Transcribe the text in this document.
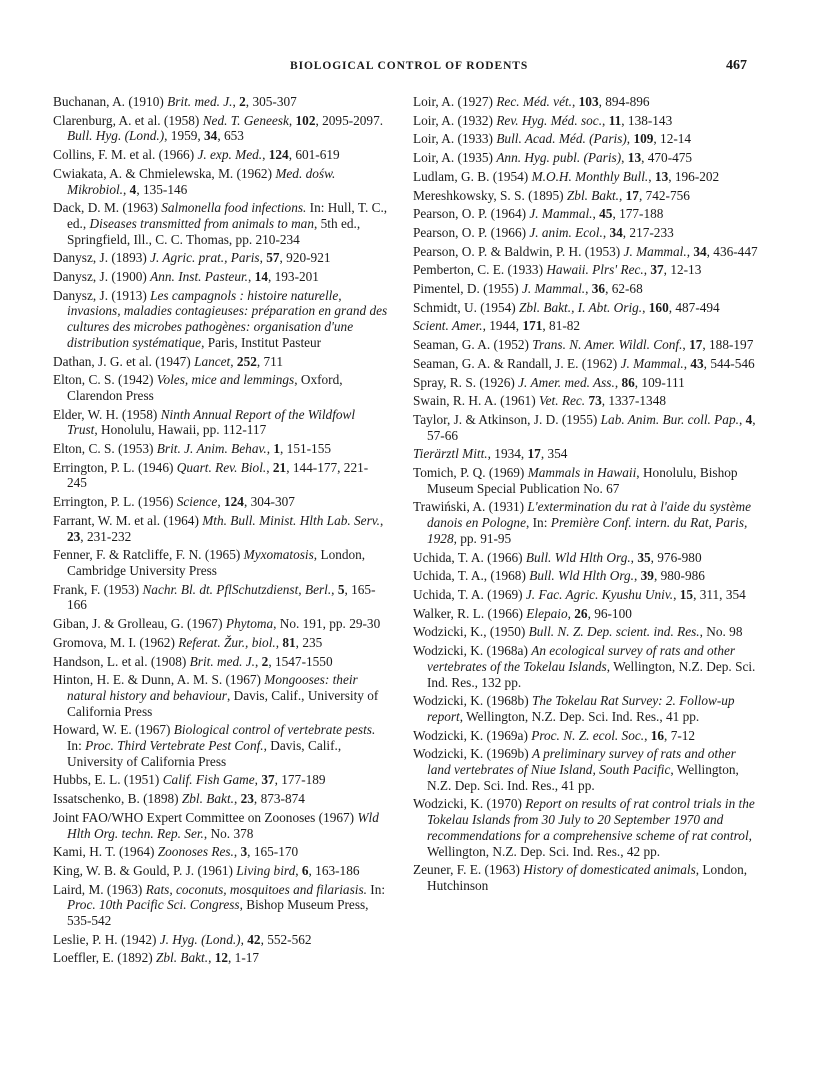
BIOLOGICAL CONTROL OF RODENTS	467

Buchanan, A. (1910) Brit. med. J., 2, 305-307

Clarenburg, A. et al. (1958) Ned. T. Geneesk, 102, 2095-2097. Bull. Hyg. (Lond.), 1959, 34, 653

Collins, F. M. et al. (1966) J. exp. Med., 124, 601-619

Cwiakata, A. & Chmielewska, M. (1962) Med. dośw. Mikrobiol., 4, 135-146

Dack, D. M. (1963) Salmonella food infections. In: Hull, T. C., ed., Diseases transmitted from animals to man, 5th ed., Springfield, Ill., C. C. Thomas, pp. 210-234

Danysz, J. (1893) J. Agric. prat., Paris, 57, 920-921

Danysz, J. (1900) Ann. Inst. Pasteur., 14, 193-201

Danysz, J. (1913) Les campagnols : histoire naturelle, invasions, maladies contagieuses: préparation en grand des cultures des microbes pathogènes: organisation d'une distribution systématique, Paris, Institut Pasteur

Dathan, J. G. et al. (1947) Lancet, 252, 711

Elton, C. S. (1942) Voles, mice and lemmings, Oxford, Clarendon Press

Elder, W. H. (1958) Ninth Annual Report of the Wildfowl Trust, Honolulu, Hawaii, pp. 112-117

Elton, C. S. (1953) Brit. J. Anim. Behav., 1, 151-155

Errington, P. L. (1946) Quart. Rev. Biol., 21, 144-177, 221-245

Errington, P. L. (1956) Science, 124, 304-307

Farrant, W. M. et al. (1964) Mth. Bull. Minist. Hlth Lab. Serv., 23, 231-232

Fenner, F. & Ratcliffe, F. N. (1965) Myxomatosis, London, Cambridge University Press

Frank, F. (1953) Nachr. Bl. dt. PflSchutzdienst, Berl., 5, 165-166

Giban, J. & Grolleau, G. (1967) Phytoma, No. 191, pp. 29-30

Gromova, M. I. (1962) Referat. Žur., biol., 81, 235

Handson, L. et al. (1908) Brit. med. J., 2, 1547-1550

Hinton, H. E. & Dunn, A. M. S. (1967) Mongooses: their natural history and behaviour, Davis, Calif., University of California Press

Howard, W. E. (1967) Biological control of vertebrate pests. In: Proc. Third Vertebrate Pest Conf., Davis, Calif., University of California Press

Hubbs, E. L. (1951) Calif. Fish Game, 37, 177-189

Issatschenko, B. (1898) Zbl. Bakt., 23, 873-874

Joint FAO/WHO Expert Committee on Zoonoses (1967) Wld Hlth Org. techn. Rep. Ser., No. 378

Kami, H. T. (1964) Zoonoses Res., 3, 165-170

King, W. B. & Gould, P. J. (1961) Living bird, 6, 163-186

Laird, M. (1963) Rats, coconuts, mosquitoes and filariasis. In: Proc. 10th Pacific Sci. Congress, Bishop Museum Press, 535-542

Leslie, P. H. (1942) J. Hyg. (Lond.), 42, 552-562

Loeffler, E. (1892) Zbl. Bakt., 12, 1-17

Loir, A. (1927) Rec. Méd. vét., 103, 894-896

Loir, A. (1932) Rev. Hyg. Méd. soc., 11, 138-143

Loir, A. (1933) Bull. Acad. Méd. (Paris), 109, 12-14

Loir, A. (1935) Ann. Hyg. publ. (Paris), 13, 470-475

Ludlam, G. B. (1954) M.O.H. Monthly Bull., 13, 196-202

Mereshkowsky, S. S. (1895) Zbl. Bakt., 17, 742-756

Pearson, O. P. (1964) J. Mammal., 45, 177-188

Pearson, O. P. (1966) J. anim. Ecol., 34, 217-233

Pearson, O. P. & Baldwin, P. H. (1953) J. Mammal., 34, 436-447

Pemberton, C. E. (1933) Hawaii. Plrs' Rec., 37, 12-13

Pimentel, D. (1955) J. Mammal., 36, 62-68

Schmidt, U. (1954) Zbl. Bakt., I. Abt. Orig., 160, 487-494

Scient. Amer., 1944, 171, 81-82

Seaman, G. A. (1952) Trans. N. Amer. Wildl. Conf., 17, 188-197

Seaman, G. A. & Randall, J. E. (1962) J. Mammal., 43, 544-546

Spray, R. S. (1926) J. Amer. med. Ass., 86, 109-111

Swain, R. H. A. (1961) Vet. Rec. 73, 1337-1348

Taylor, J. & Atkinson, J. D. (1955) Lab. Anim. Bur. coll. Pap., 4, 57-66

Tierärztl Mitt., 1934, 17, 354

Tomich, P. Q. (1969) Mammals in Hawaii, Honolulu, Bishop Museum Special Publication No. 67

Trawiński, A. (1931) L'extermination du rat à l'aide du système danois en Pologne, In: Première Conf. intern. du Rat, Paris, 1928, pp. 91-95

Uchida, T. A. (1966) Bull. Wld Hlth Org., 35, 976-980

Uchida, T. A., (1968) Bull. Wld Hlth Org., 39, 980-986

Uchida, T. A. (1969) J. Fac. Agric. Kyushu Univ., 15, 311, 354

Walker, R. L. (1966) Elepaio, 26, 96-100

Wodzicki, K., (1950) Bull. N. Z. Dep. scient. ind. Res., No. 98

Wodzicki, K. (1968a) An ecological survey of rats and other vertebrates of the Tokelau Islands, Wellington, N.Z. Dep. Sci. Ind. Res., 132 pp.

Wodzicki, K. (1968b) The Tokelau Rat Survey: 2. Follow-up report, Wellington, N.Z. Dep. Sci. Ind. Res., 41 pp.

Wodzicki, K. (1969a) Proc. N. Z. ecol. Soc., 16, 7-12

Wodzicki, K. (1969b) A preliminary survey of rats and other land vertebrates of Niue Island, South Pacific, Wellington, N.Z. Dep. Sci. Ind. Res., 41 pp.

Wodzicki, K. (1970) Report on results of rat control trials in the Tokelau Islands from 30 July to 20 September 1970 and recommendations for a comprehensive scheme of rat control, Wellington, N.Z. Dep. Sci. Ind. Res., 42 pp.

Zeuner, F. E. (1963) History of domesticated animals, London, Hutchinson
